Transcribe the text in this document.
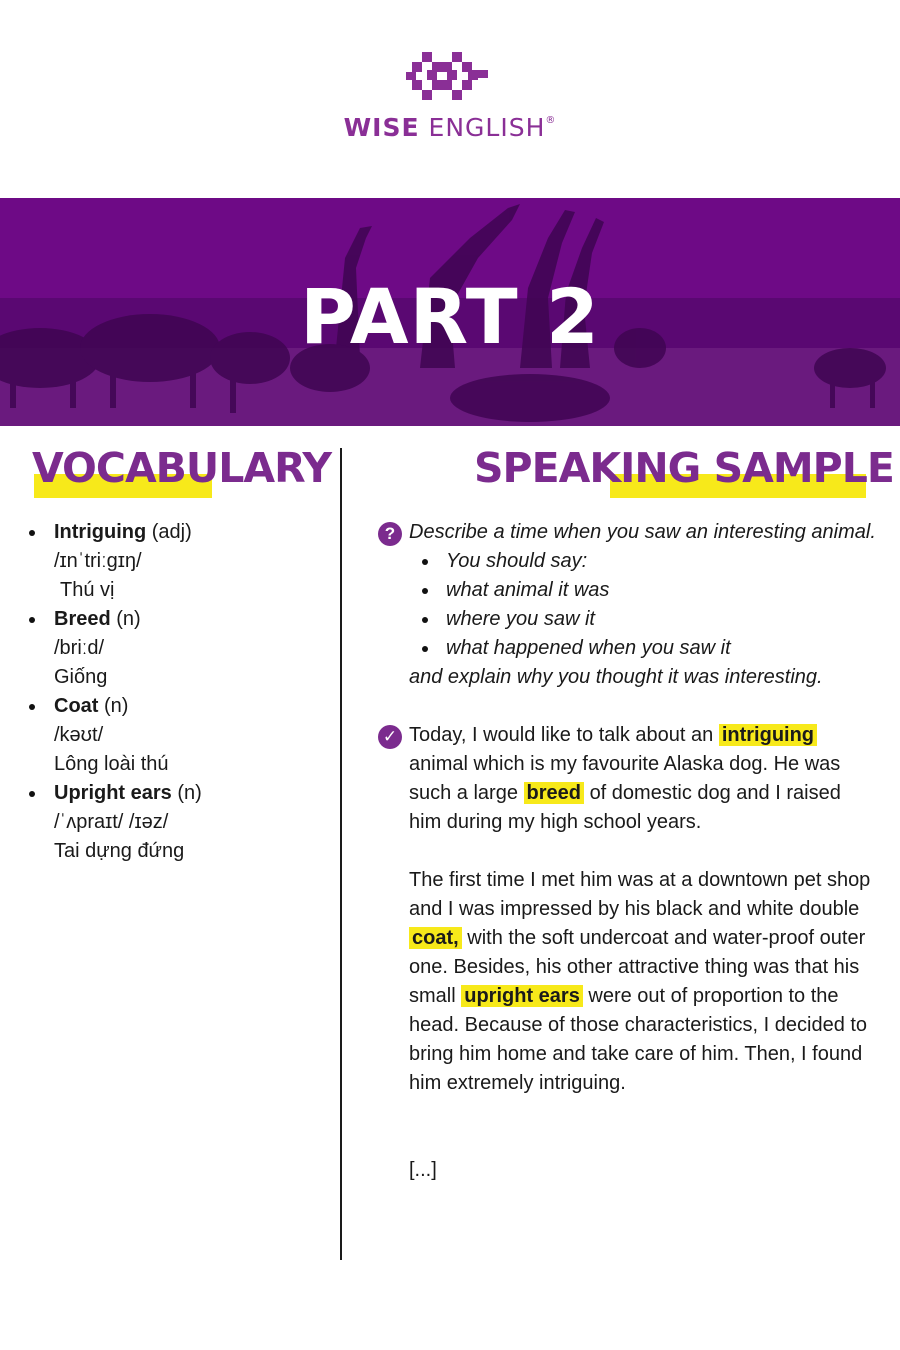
WISE ENGLISH®
PART 2
VOCABULARY	SPEAKING SAMPLE
Intriguing (adj)
/ɪnˈtriːɡɪŋ/
Thú vị
Breed (n)
/briːd/
Giống
Coat (n)
/kəʊt/
Lông loài thú
Upright ears (n)
/ˈʌpraɪt/ /ɪəz/
Tai dựng đứng
? Describe a time when you saw an interesting animal.
You should say:
what animal it was
where you saw it
what happened when you saw it
and explain why you thought it was interesting.
✓ Today, I would like to talk about an intriguing animal which is my favourite Alaska dog. He was such a large breed of domestic dog and I raised him during my high school years.
The first time I met him was at a downtown pet shop and I was impressed by his black and white double coat, with the soft undercoat and water-proof outer one. Besides, his other attractive thing was that his small upright ears were out of proportion to the head. Because of those characteristics, I decided to bring him home and take care of him. Then, I found him extremely intriguing.
[...]
